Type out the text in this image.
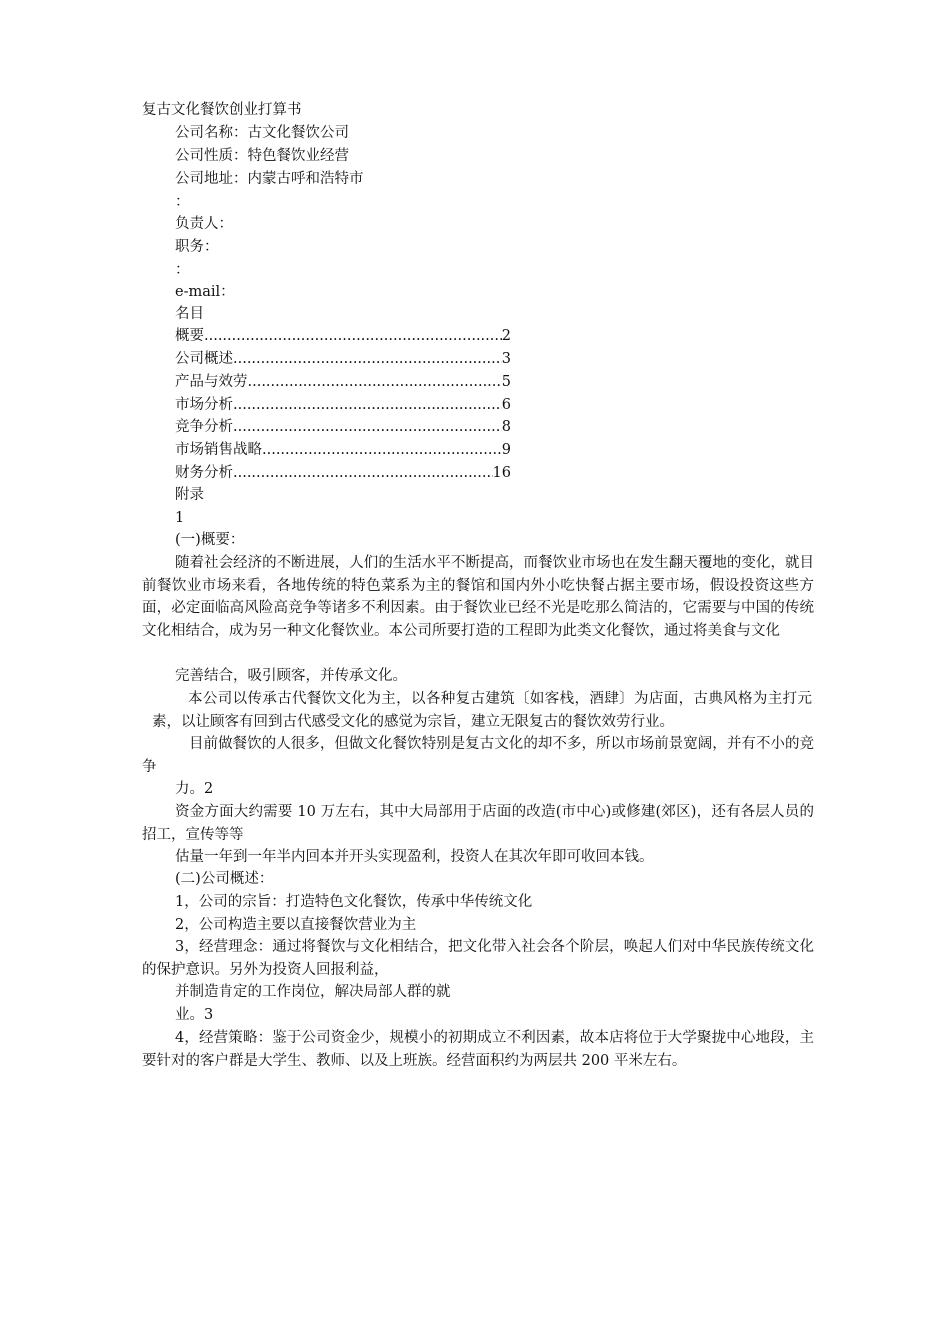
复古文化餐饮创业打算书
公司名称：古文化餐饮公司
公司性质：特色餐饮业经营
公司地址：内蒙古呼和浩特市
：
负责人：
职务：
：
e-mail：
名目
概要 .....	2
公司概述 .....	3
产品与效劳 .....	5
市场分析 .....	6
竞争分析 .....	8
市场销售战略 .....	9
财务分析 .....	16
附录
1
(一)概要：
随着社会经济的不断进展，人们的生活水平不断提高，而餐饮业市场也在发生翻天覆地的变化，就目前餐饮业市场来看，各地传统的特色菜系为主的餐馆和国内外小吃快餐占据主要市场，假设投资这些方面，必定面临高风险高竞争等诸多不利因素。由于餐饮业已经不光是吃那么简洁的，它需要与中国的传统文化相结合，成为另一种文化餐饮业。本公司所要打造的工程即为此类文化餐饮，通过将美食与文化
完善结合，吸引顾客，并传承文化。
本公司以传承古代餐饮文化为主，以各种复古建筑〔如客栈，酒肆〕为店面，古典风格为主打元素，以让顾客有回到古代感受文化的感觉为宗旨，建立无限复古的餐饮效劳行业。
目前做餐饮的人很多，但做文化餐饮特别是复古文化的却不多，所以市场前景宽阔，并有不小的竞争
力。2
资金方面大约需要 10 万左右，其中大局部用于店面的改造(市中心)或修建(郊区)，还有各层人员的招工，宣传等等
估量一年到一年半内回本并开头实现盈利，投资人在其次年即可收回本钱。
(二)公司概述：
1，公司的宗旨：打造特色文化餐饮，传承中华传统文化
2，公司构造主要以直接餐饮营业为主
3，经营理念：通过将餐饮与文化相结合，把文化带入社会各个阶层，唤起人们对中华民族传统文化的保护意识。另外为投资人回报利益，
并制造肯定的工作岗位，解决局部人群的就
业。3
4，经营策略：鉴于公司资金少，规模小的初期成立不利因素，故本店将位于大学聚拢中心地段，主要针对的客户群是大学生、教师、以及上班族。经营面积约为两层共 200 平米左右。
